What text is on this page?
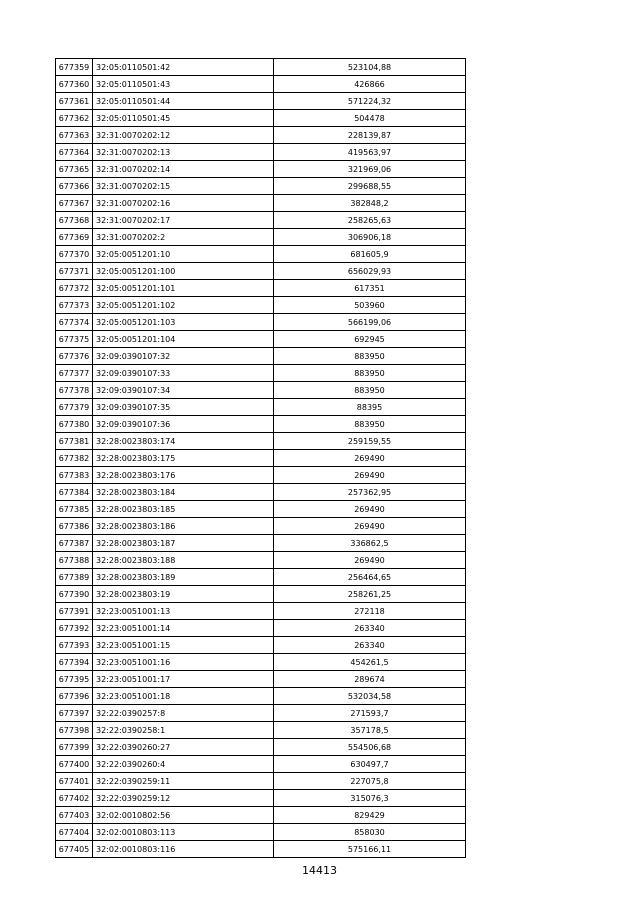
677359	32:05:0110501:42	523104,88
677360	32:05:0110501:43	426866
677361	32:05:0110501:44	571224,32
677362	32:05:0110501:45	504478
677363	32:31:0070202:12	228139,87
677364	32:31:0070202:13	419563,97
677365	32:31:0070202:14	321969,06
677366	32:31:0070202:15	299688,55
677367	32:31:0070202:16	382848,2
677368	32:31:0070202:17	258265,63
677369	32:31:0070202:2	306906,18
677370	32:05:0051201:10	681605,9
677371	32:05:0051201:100	656029,93
677372	32:05:0051201:101	617351
677373	32:05:0051201:102	503960
677374	32:05:0051201:103	566199,06
677375	32:05:0051201:104	692945
677376	32:09:0390107:32	883950
677377	32:09:0390107:33	883950
677378	32:09:0390107:34	883950
677379	32:09:0390107:35	88395
677380	32:09:0390107:36	883950
677381	32:28:0023803:174	259159,55
677382	32:28:0023803:175	269490
677383	32:28:0023803:176	269490
677384	32:28:0023803:184	257362,95
677385	32:28:0023803:185	269490
677386	32:28:0023803:186	269490
677387	32:28:0023803:187	336862,5
677388	32:28:0023803:188	269490
677389	32:28:0023803:189	256464,65
677390	32:28:0023803:19	258261,25
677391	32:23:0051001:13	272118
677392	32:23:0051001:14	263340
677393	32:23:0051001:15	263340
677394	32:23:0051001:16	454261,5
677395	32:23:0051001:17	289674
677396	32:23:0051001:18	532034,58
677397	32:22:0390257:8	271593,7
677398	32:22:0390258:1	357178,5
677399	32:22:0390260:27	554506,68
677400	32:22:0390260:4	630497,7
677401	32:22:0390259:11	227075,8
677402	32:22:0390259:12	315076,3
677403	32:02:0010802:56	829429
677404	32:02:0010803:113	858030
677405	32:02:0010803:116	575166,11
14413
